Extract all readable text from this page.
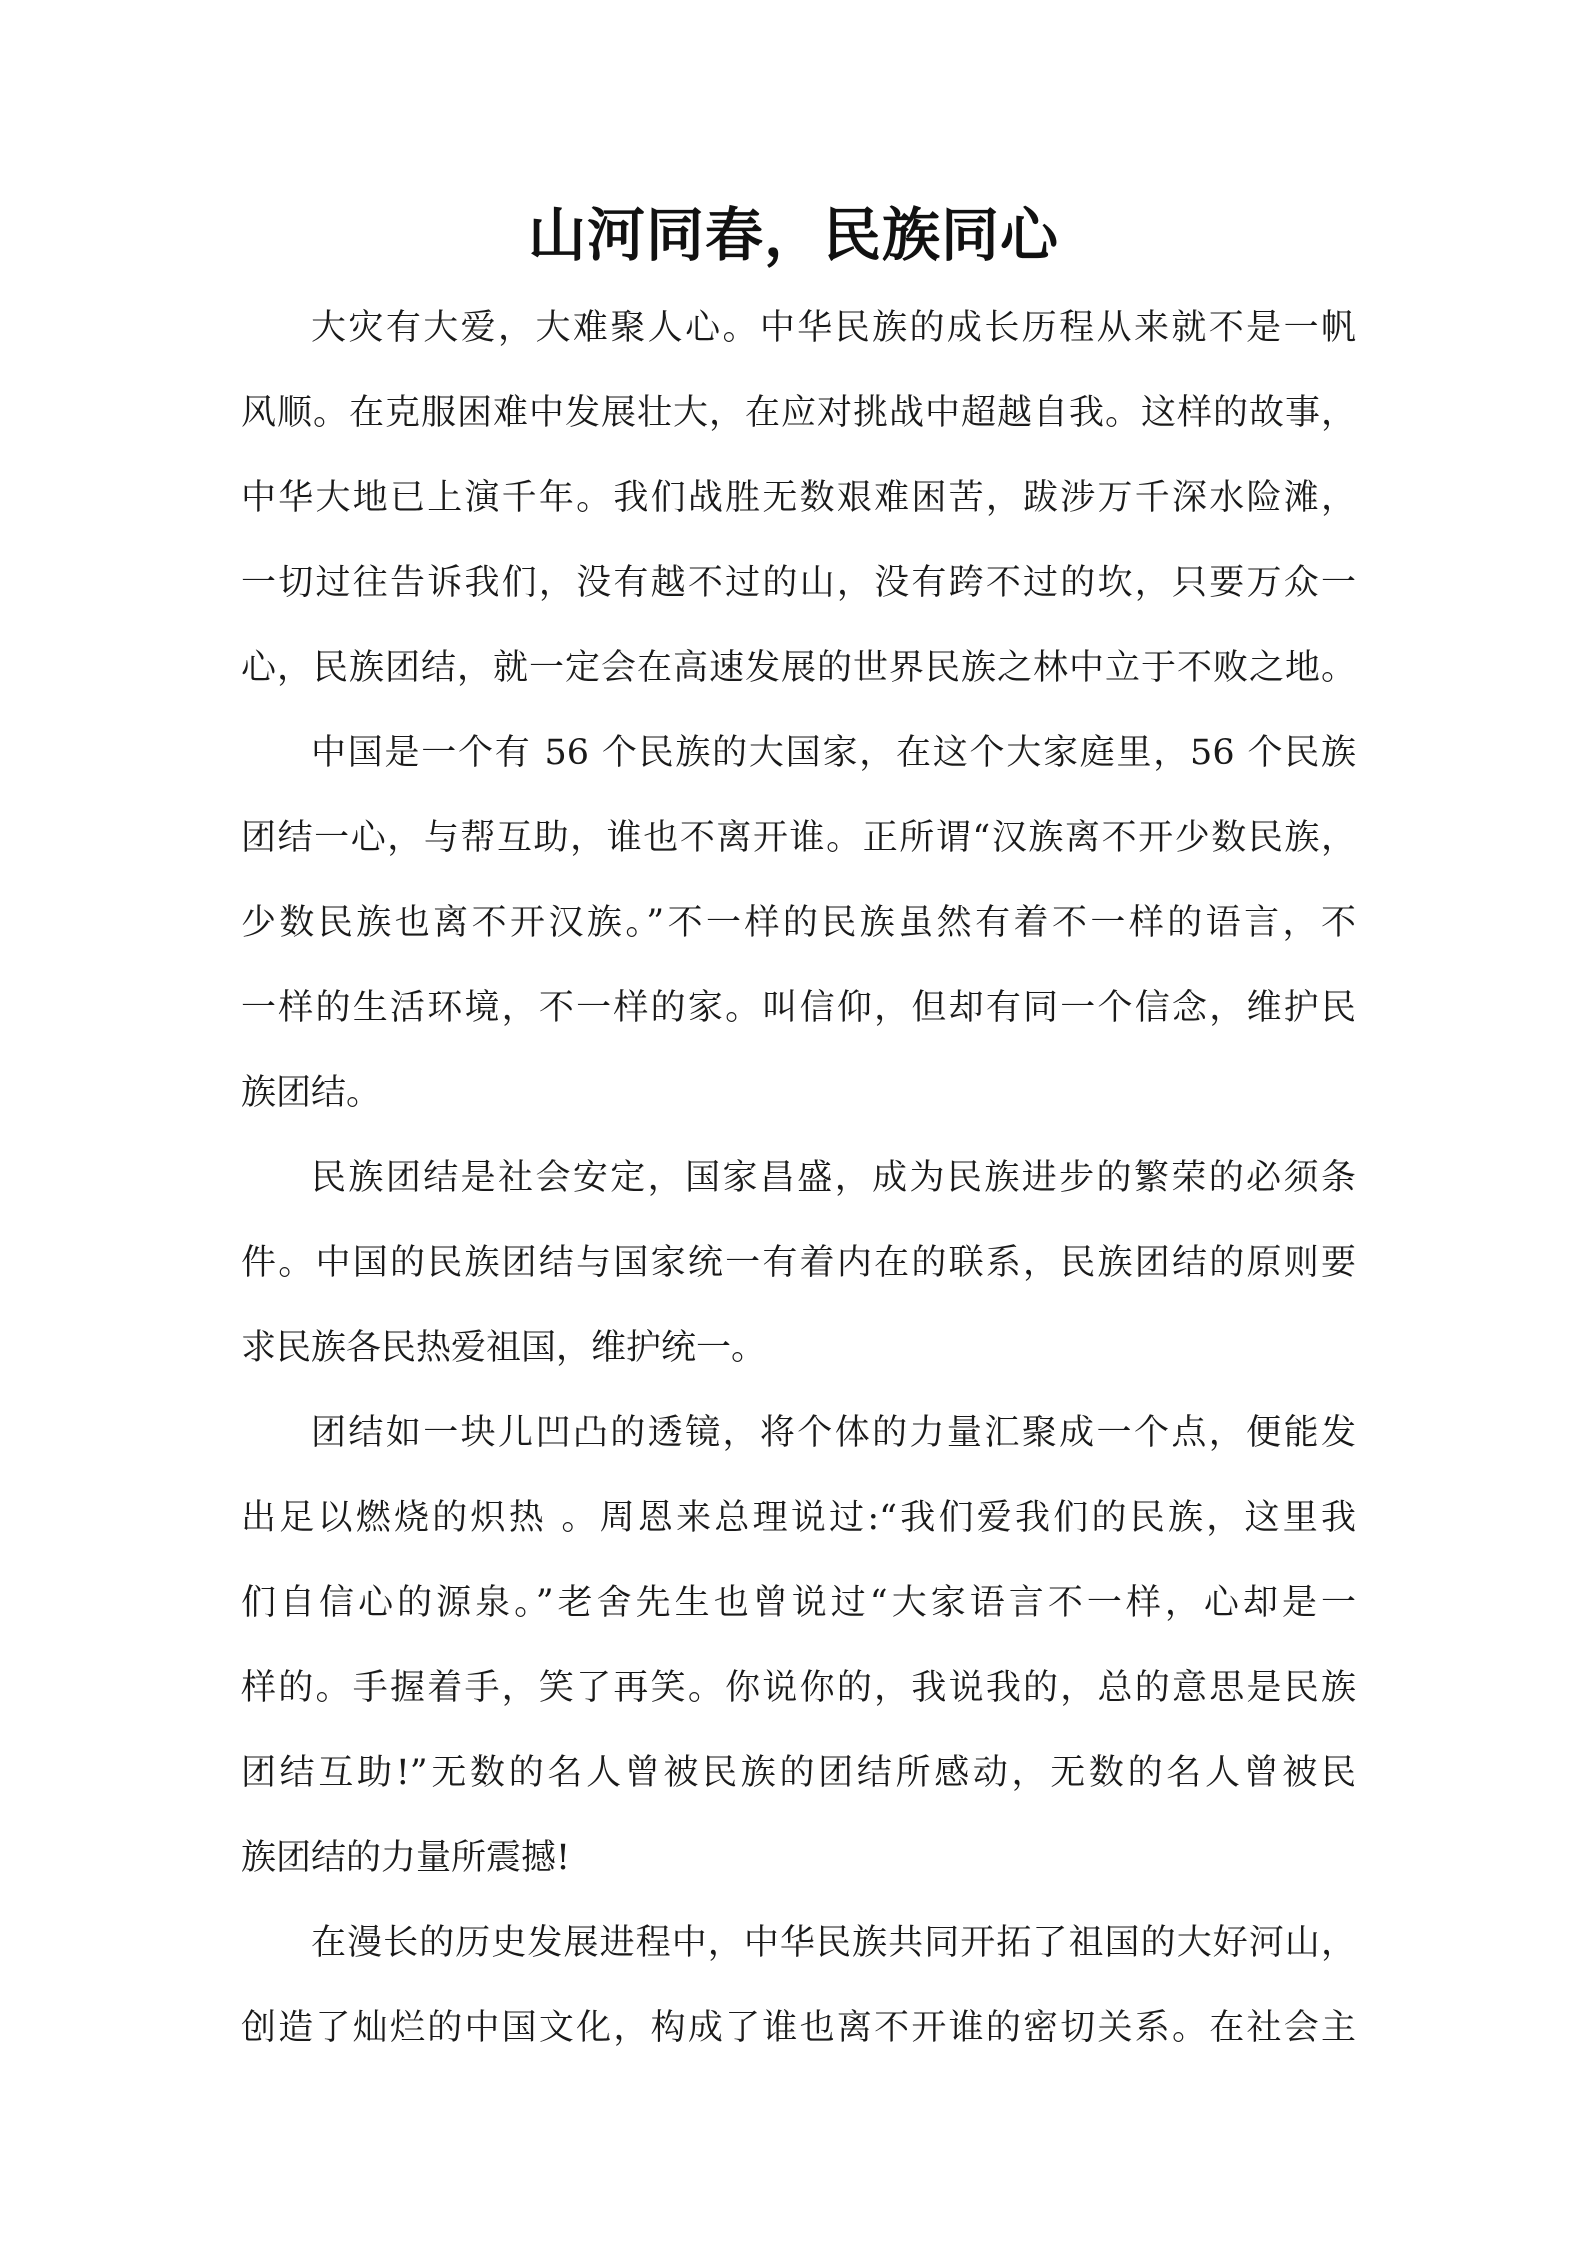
山河同春，民族同心

大灾有大爱，大难聚人心。中华民族的成长历程从来就不是一帆
风顺。在克服困难中发展壮大，在应对挑战中超越自我。这样的故事，
中华大地已上演千年。我们战胜无数艰难困苦，跋涉万千深水险滩，
一切过往告诉我们，没有越不过的山，没有跨不过的坎，只要万众一
心，民族团结，就一定会在高速发展的世界民族之林中立于不败之地。

中国是一个有 56 个民族的大国家，在这个大家庭里，56 个民族
团结一心，与帮互助，谁也不离开谁。正所谓“汉族离不开少数民族，
少数民族也离不开汉族。”不一样的民族虽然有着不一样的语言，不
一样的生活环境，不一样的家。叫信仰，但却有同一个信念，维护民
族团结。

民族团结是社会安定，国家昌盛，成为民族进步的繁荣的必须条
件。中国的民族团结与国家统一有着内在的联系，民族团结的原则要
求民族各民热爱祖国，维护统一。

团结如一块儿凹凸的透镜，将个体的力量汇聚成一个点，便能发
出足以燃烧的炽热 。周恩来总理说过:“我们爱我们的民族，这里我
们自信心的源泉。”老舍先生也曾说过“大家语言不一样，心却是一
样的。手握着手，笑了再笑。你说你的，我说我的，总的意思是民族
团结互助!”无数的名人曾被民族的团结所感动，无数的名人曾被民
族团结的力量所震撼!

在漫长的历史发展进程中，中华民族共同开拓了祖国的大好河山，
创造了灿烂的中国文化，构成了谁也离不开谁的密切关系。在社会主
